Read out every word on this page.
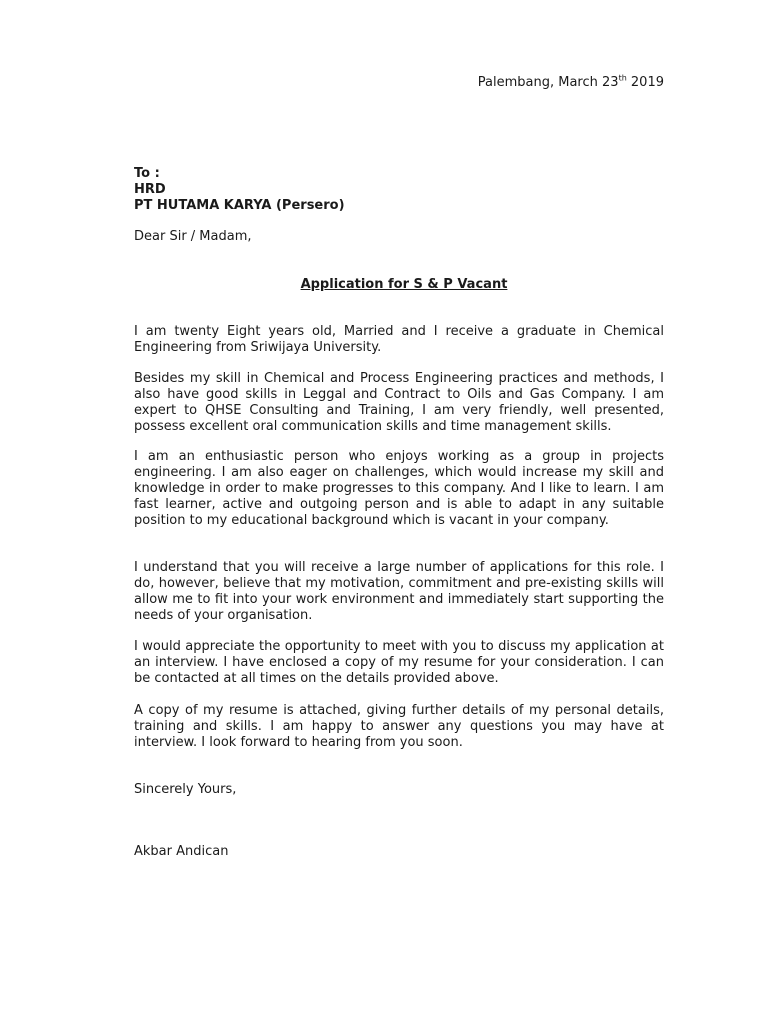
Palembang, March 23th 2019
To :
HRD
PT HUTAMA KARYA (Persero)
Dear Sir / Madam,
Application for S & P Vacant

I am twenty Eight years old, Married and I receive a graduate in Chemical Engineering from Sriwijaya University.

Besides my skill in Chemical and Process Engineering practices and methods, I also have good skills in Leggal and Contract to Oils and Gas Company. I am expert to QHSE Consulting and Training, I am very friendly, well presented, possess excellent oral communication skills and time management skills.

I am an enthusiastic person who enjoys working as a group in projects engineering. I am also eager on challenges, which would increase my skill and knowledge in order to make progresses to this company. And I like to learn. I am fast learner, active and outgoing person and is able to adapt in any suitable position to my educational background which is vacant in your company.

I understand that you will receive a large number of applications for this role. I do, however, believe that my motivation, commitment and pre-existing skills will allow me to fit into your work environment and immediately start supporting the needs of your organisation.

I would appreciate the opportunity to meet with you to discuss my application at an interview. I have enclosed a copy of my resume for your consideration. I can be contacted at all times on the details provided above.

A copy of my resume is attached, giving further details of my personal details, training and skills. I am happy to answer any questions you may have at interview. I look forward to hearing from you soon.

Sincerely Yours,
Akbar Andican
